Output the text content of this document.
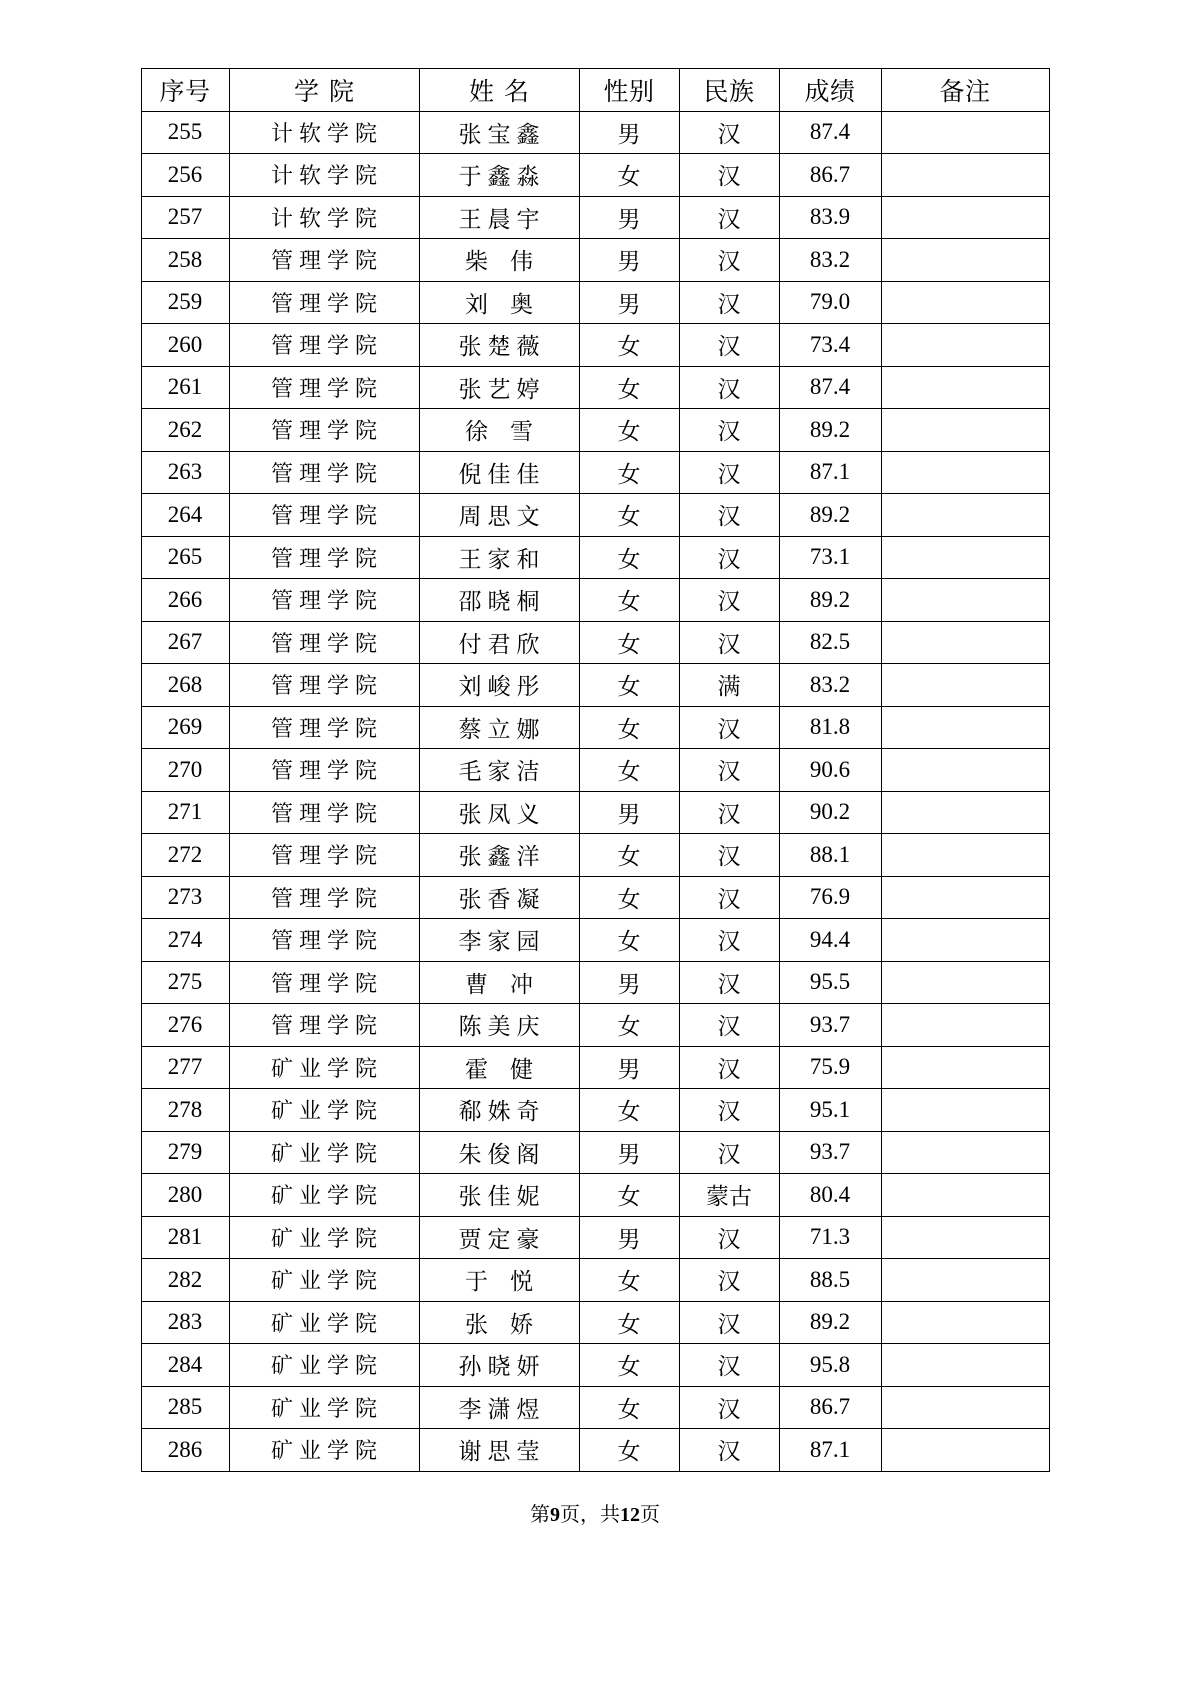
序号	学院	姓名	性别	民族	成绩	备注
255	计软学院	张宝鑫	男	汉	87.4	
256	计软学院	于鑫淼	女	汉	86.7	
257	计软学院	王晨宇	男	汉	83.9	
258	管理学院	柴伟	男	汉	83.2	
259	管理学院	刘奥	男	汉	79.0	
260	管理学院	张楚薇	女	汉	73.4	
261	管理学院	张艺婷	女	汉	87.4	
262	管理学院	徐雪	女	汉	89.2	
263	管理学院	倪佳佳	女	汉	87.1	
264	管理学院	周思文	女	汉	89.2	
265	管理学院	王家和	女	汉	73.1	
266	管理学院	邵晓桐	女	汉	89.2	
267	管理学院	付君欣	女	汉	82.5	
268	管理学院	刘峻彤	女	满	83.2	
269	管理学院	蔡立娜	女	汉	81.8	
270	管理学院	毛家洁	女	汉	90.6	
271	管理学院	张凤义	男	汉	90.2	
272	管理学院	张鑫洋	女	汉	88.1	
273	管理学院	张香凝	女	汉	76.9	
274	管理学院	李家园	女	汉	94.4	
275	管理学院	曹冲	男	汉	95.5	
276	管理学院	陈美庆	女	汉	93.7	
277	矿业学院	霍健	男	汉	75.9	
278	矿业学院	郗姝奇	女	汉	95.1	
279	矿业学院	朱俊阁	男	汉	93.7	
280	矿业学院	张佳妮	女	蒙古	80.4	
281	矿业学院	贾定豪	男	汉	71.3	
282	矿业学院	于悦	女	汉	88.5	
283	矿业学院	张娇	女	汉	89.2	
284	矿业学院	孙晓妍	女	汉	95.8	
285	矿业学院	李潇煜	女	汉	86.7	
286	矿业学院	谢思莹	女	汉	87.1	
第9页，共12页
